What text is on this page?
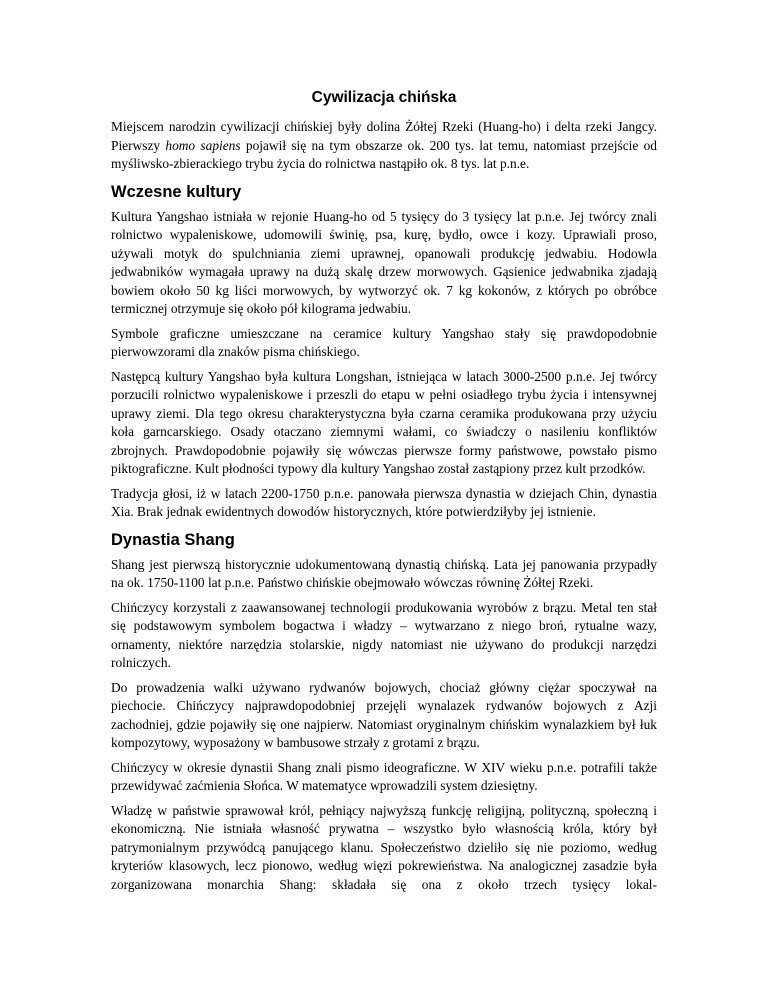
Cywilizacja chińska

Miejscem narodzin cywilizacji chińskiej były dolina Żółtej Rzeki (Huang-ho) i delta rzeki Jangcy. Pierwszy homo sapiens pojawił się na tym obszarze ok. 200 tys. lat temu, natomiast przejście od myśliwsko-zbierackiego trybu życia do rolnictwa nastąpiło ok. 8 tys. lat p.n.e.

Wczesne kultury

Kultura Yangshao istniała w rejonie Huang-ho od 5 tysięcy do 3 tysięcy lat p.n.e. Jej twórcy znali rolnictwo wypaleniskowe, udomowili świnię, psa, kurę, bydło, owce i kozy. Uprawiali proso, używali motyk do spulchniania ziemi uprawnej, opanowali produkcję jedwabiu. Hodowla jedwabników wymagała uprawy na dużą skalę drzew morwowych. Gąsienice jedwabnika zjadają bowiem około 50 kg liści morwowych, by wytworzyć ok. 7 kg kokonów, z których po obróbce termicznej otrzymuje się około pół kilograma jedwabiu.

Symbole graficzne umieszczane na ceramice kultury Yangshao stały się prawdopodobnie pierwowzorami dla znaków pisma chińskiego.

Następcą kultury Yangshao była kultura Longshan, istniejąca w latach 3000-2500 p.n.e. Jej twórcy porzucili rolnictwo wypaleniskowe i przeszli do etapu w pełni osiadłego trybu życia i intensywnej uprawy ziemi. Dla tego okresu charakterystyczna była czarna ceramika produkowana przy użyciu koła garncarskiego. Osady otaczano ziemnymi wałami, co świadczy o nasileniu konfliktów zbrojnych. Prawdopodobnie pojawiły się wówczas pierwsze formy państwowe, powstało pismo piktograficzne. Kult płodności typowy dla kultury Yangshao został zastąpiony przez kult przodków.

Tradycja głosi, iż w latach 2200-1750 p.n.e. panowała pierwsza dynastia w dziejach Chin, dynastia Xia. Brak jednak ewidentnych dowodów historycznych, które potwierdziłyby jej istnienie.

Dynastia Shang

Shang jest pierwszą historycznie udokumentowaną dynastią chińską. Lata jej panowania przypadły na ok. 1750-1100 lat p.n.e. Państwo chińskie obejmowało wówczas równinę Żółtej Rzeki.

Chińczycy korzystali z zaawansowanej technologii produkowania wyrobów z brązu. Metal ten stał się podstawowym symbolem bogactwa i władzy – wytwarzano z niego broń, rytualne wazy, ornamenty, niektóre narzędzia stolarskie, nigdy natomiast nie używano do produkcji narzędzi rolniczych.

Do prowadzenia walki używano rydwanów bojowych, chociaż główny ciężar spoczywał na piechocie. Chińczycy najprawdopodobniej przejęli wynalazek rydwanów bojowych z Azji zachodniej, gdzie pojawiły się one najpierw. Natomiast oryginalnym chińskim wynalazkiem był łuk kompozytowy, wyposażony w bambusowe strzały z grotami z brązu.

Chińczycy w okresie dynastii Shang znali pismo ideograficzne. W XIV wieku p.n.e. potrafili także przewidywać zaćmienia Słońca. W matematyce wprowadzili system dziesiętny.

Władzę w państwie sprawował król, pełniący najwyższą funkcję religijną, polityczną, społeczną i ekonomiczną. Nie istniała własność prywatna – wszystko było własnością króla, który był patrymonialnym przywódcą panującego klanu. Społeczeństwo dzieliło się nie poziomo, według kryteriów klasowych, lecz pionowo, według więzi pokrewieństwa. Na analogicznej zasadzie była zorganizowana monarchia Shang: składała się ona z około trzech tysięcy lokal-
